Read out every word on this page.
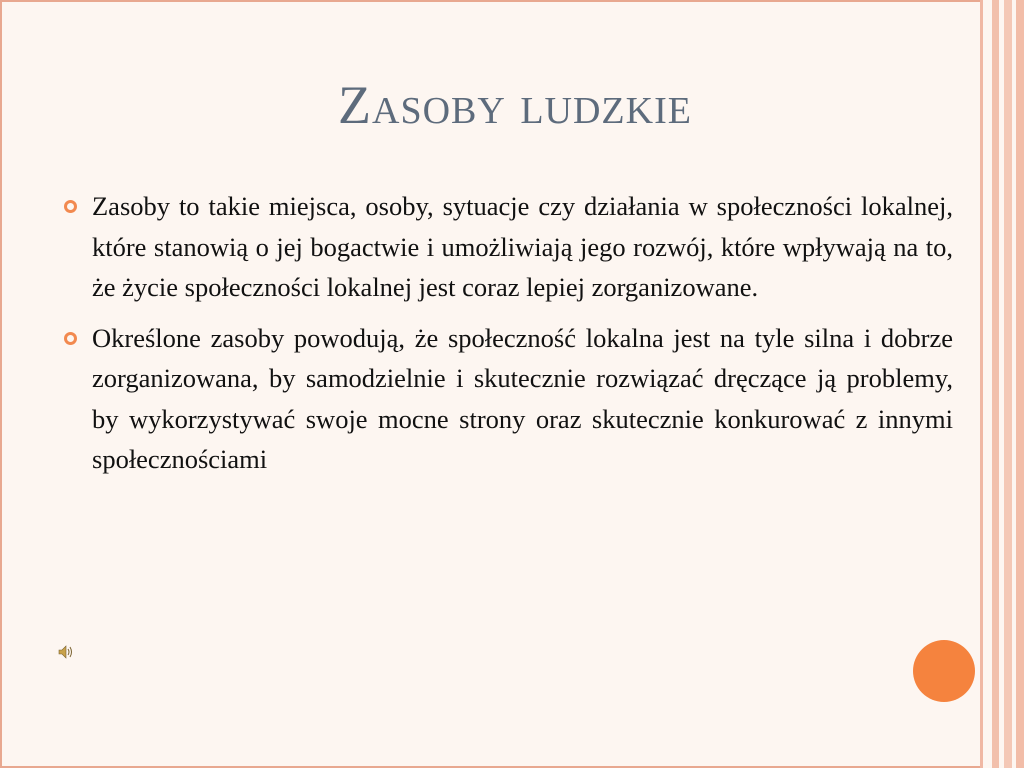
Zasoby ludzkie
Zasoby to takie miejsca, osoby, sytuacje czy działania w społeczności lokalnej, które stanowią o jej bogactwie i umożliwiają jego rozwój, które wpływają na to, że życie społeczności lokalnej jest coraz lepiej zorganizowane.
Określone zasoby powodują, że społeczność lokalna jest na tyle silna i dobrze zorganizowana, by samodzielnie i skutecznie rozwiązać dręczące ją problemy, by wykorzystywać swoje mocne strony oraz skutecznie konkurować z innymi społecznościami
